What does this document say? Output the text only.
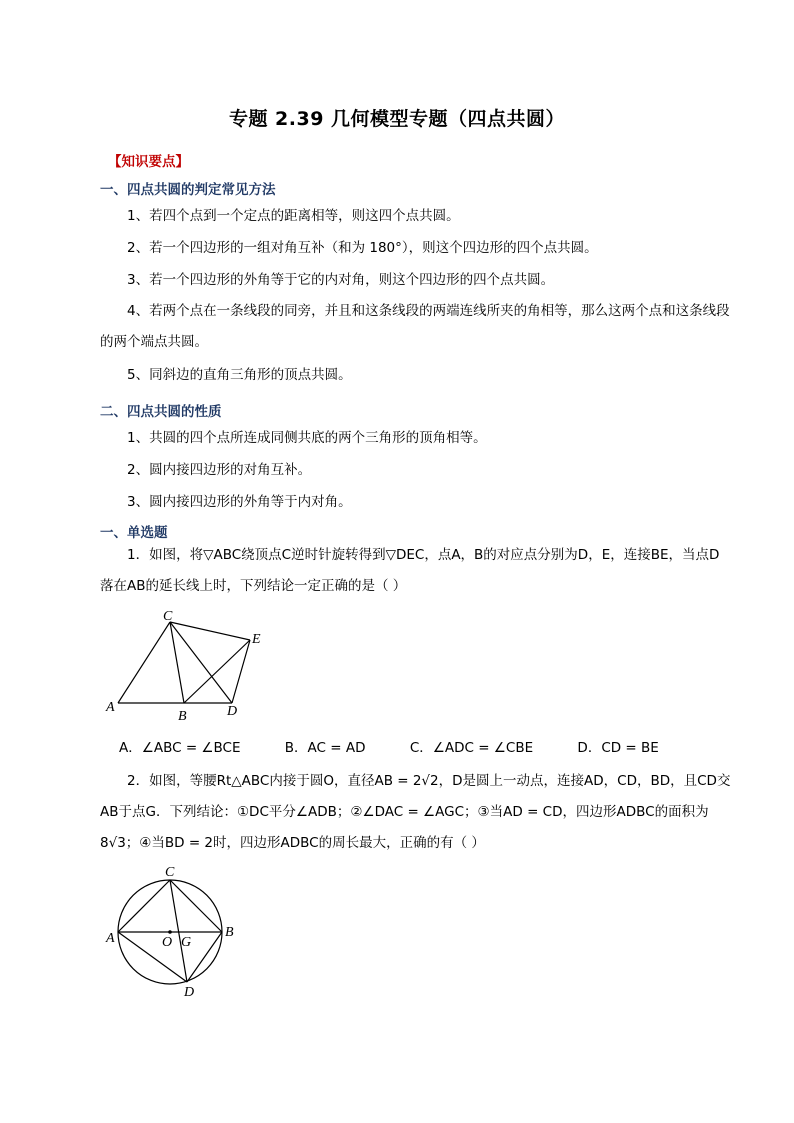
专题 2.39 几何模型专题（四点共圆）
【知识要点】
一、四点共圆的判定常见方法
1、若四个点到一个定点的距离相等，则这四个点共圆。
2、若一个四边形的一组对角互补（和为 180°），则这个四边形的四个点共圆。
3、若一个四边形的外角等于它的内对角，则这个四边形的四个点共圆。
4、若两个点在一条线段的同旁，并且和这条线段的两端连线所夹的角相等，那么这两个点和这条线段的两个端点共圆。
5、同斜边的直角三角形的顶点共圆。
二、四点共圆的性质
1、共圆的四个点所连成同侧共底的两个三角形的顶角相等。
2、圆内接四边形的对角互补。
3、圆内接四边形的外角等于内对角。
一、单选题
1．如图，将▽ABC绕顶点C逆时针旋转得到▽DEC，点A，B的对应点分别为D，E，连接BE，当点D落在AB的延长线上时，下列结论一定正确的是（ ）
C
E
A
B	D
A．∠ABC = ∠BCE	B．AC = AD	C．∠ADC = ∠CBE	D．CD = BE
2．如图，等腰Rt△ABC内接于圆O，直径AB = 2√2，D是圆上一动点，连接AD，CD，BD，且CD交AB于点G．下列结论：①DC平分∠ADB；②∠DAC = ∠AGC；③当AD = CD，四边形ADBC的面积为8√3；④当BD = 2时，四边形ADBC的周长最大，正确的有（ ）
C
A	O G
B
D
